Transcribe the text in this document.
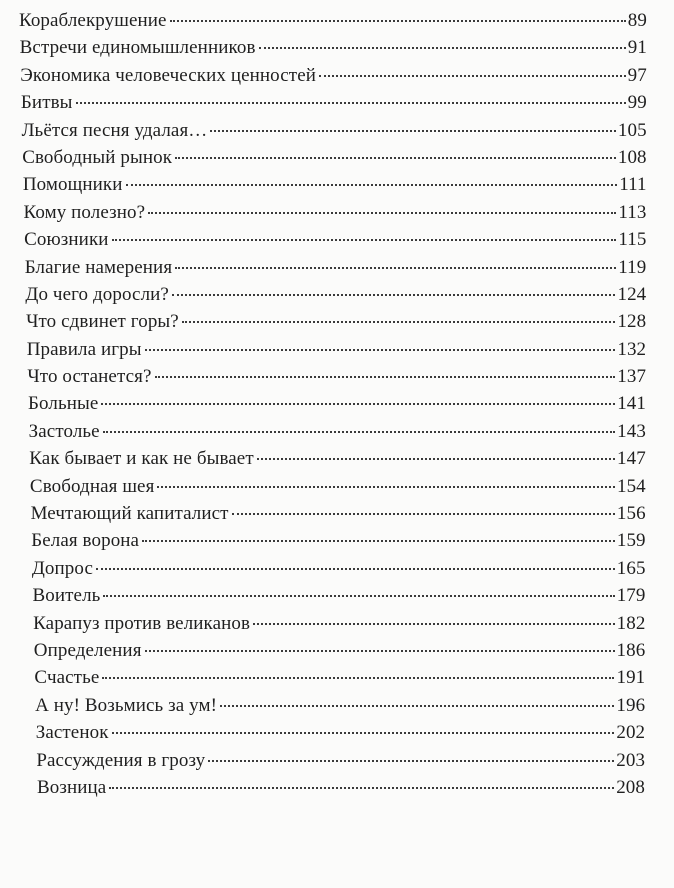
Кораблекрушение	89
Встречи единомышленников	91
Экономика человеческих ценностей	97
Битвы	99
Льётся песня удалая…	105
Свободный рынок	108
Помощники	111
Кому полезно?	113
Союзники	115
Благие намерения	119
До чего доросли?	124
Что сдвинет горы?	128
Правила игры	132
Что останется?	137
Больные	141
Застолье	143
Как бывает и как не бывает	147
Свободная шея	154
Мечтающий капиталист	156
Белая ворона	159
Допрос	165
Воитель	179
Карапуз против великанов	182
Определения	186
Счастье	191
А ну! Возьмись за ум!	196
Застенок	202
Рассуждения в грозу	203
Возница	208
